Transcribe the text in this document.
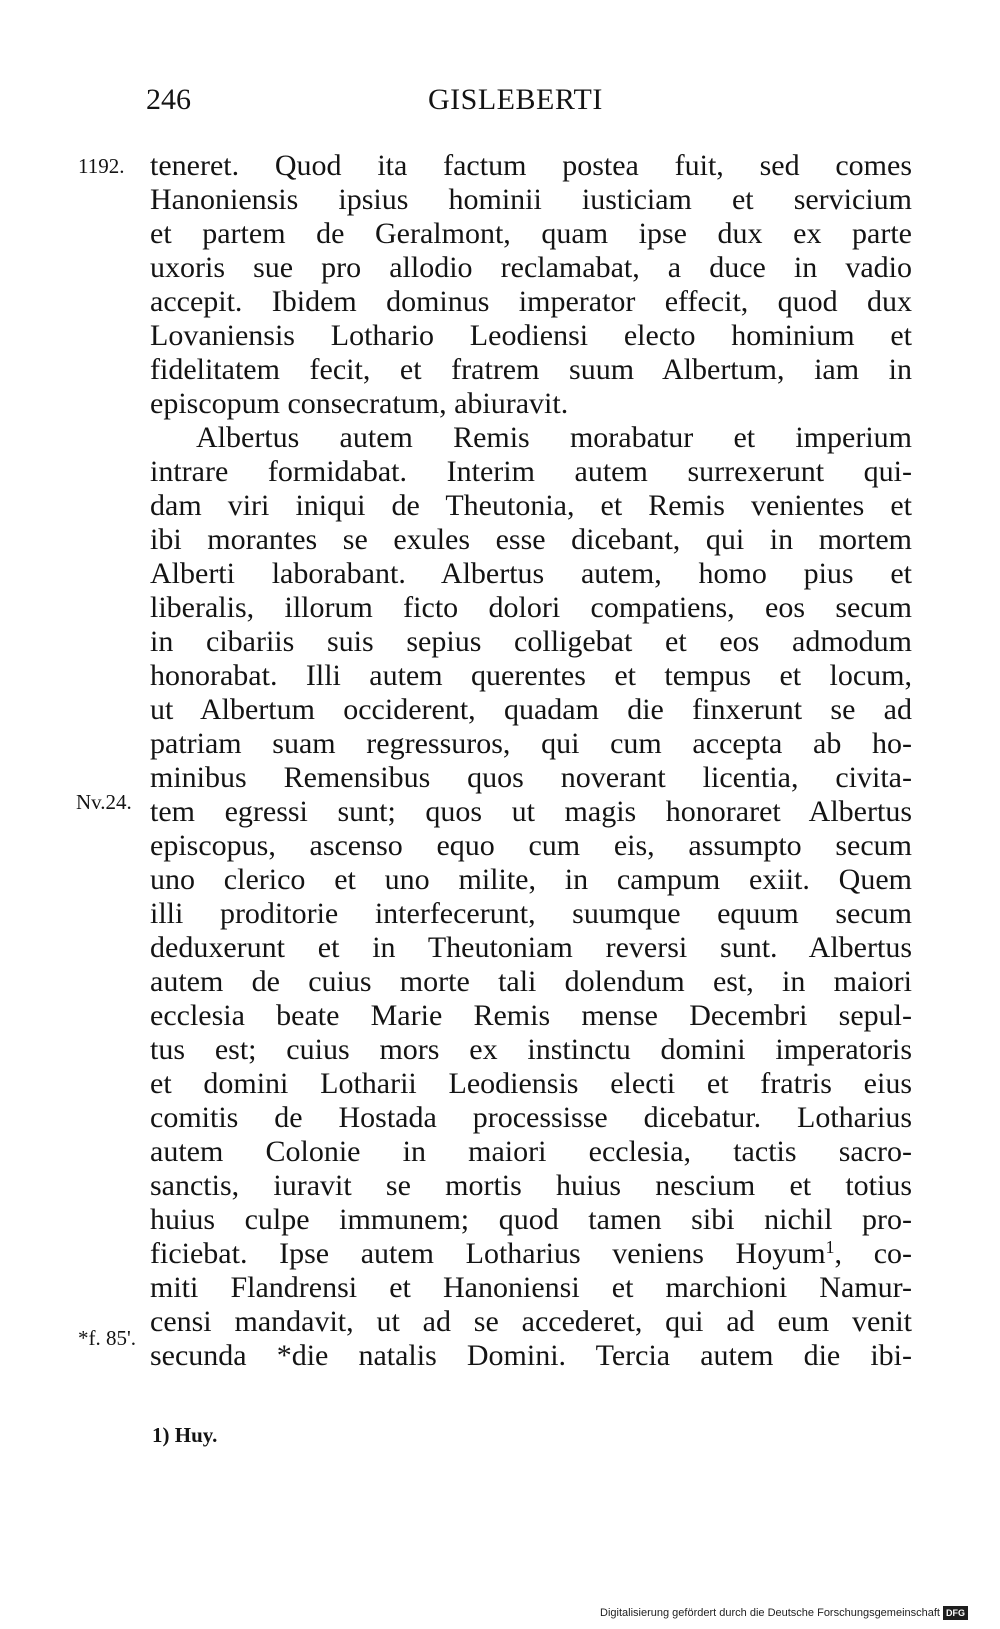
246	GISLEBERTI
1192.
Nv.24.
*f. 85'.
teneret. Quod ita factum postea fuit, sed comes
Hanoniensis ipsius hominii iusticiam et servicium
et partem de Geralmont, quam ipse dux ex parte
uxoris sue pro allodio reclamabat, a duce in vadio
accepit. Ibidem dominus imperator effecit, quod dux
Lovaniensis Lothario Leodiensi electo hominium et
fidelitatem fecit, et fratrem suum Albertum, iam in
episcopum consecratum, abiuravit.
Albertus autem Remis morabatur et imperium
intrare formidabat. Interim autem surrexerunt qui-
dam viri iniqui de Theutonia, et Remis venientes et
ibi morantes se exules esse dicebant, qui in mortem
Alberti laborabant. Albertus autem, homo pius et
liberalis, illorum ficto dolori compatiens, eos secum
in cibariis suis sepius colligebat et eos admodum
honorabat. Illi autem querentes et tempus et locum,
ut Albertum occiderent, quadam die finxerunt se ad
patriam suam regressuros, qui cum accepta ab ho-
minibus Remensibus quos noverant licentia, civita-
tem egressi sunt; quos ut magis honoraret Albertus
episcopus, ascenso equo cum eis, assumpto secum
uno clerico et uno milite, in campum exiit. Quem
illi proditorie interfecerunt, suumque equum secum
deduxerunt et in Theutoniam reversi sunt. Albertus
autem de cuius morte tali dolendum est, in maiori
ecclesia beate Marie Remis mense Decembri sepul-
tus est; cuius mors ex instinctu domini imperatoris
et domini Lotharii Leodiensis electi et fratris eius
comitis de Hostada processisse dicebatur. Lotharius
autem Colonie in maiori ecclesia, tactis sacro-
sanctis, iuravit se mortis huius nescium et totius
huius culpe immunem; quod tamen sibi nichil pro-
ficiebat. Ipse autem Lotharius veniens Hoyum$^1$, co-
miti Flandrensi et Hanoniensi et marchioni Namur-
censi mandavit, ut ad se accederet, qui ad eum venit
secunda *die natalis Domini. Tercia autem die ibi-
1) Huy.
Digitalisierung gefördert durch die Deutsche Forschungsgemeinschaft DFG
